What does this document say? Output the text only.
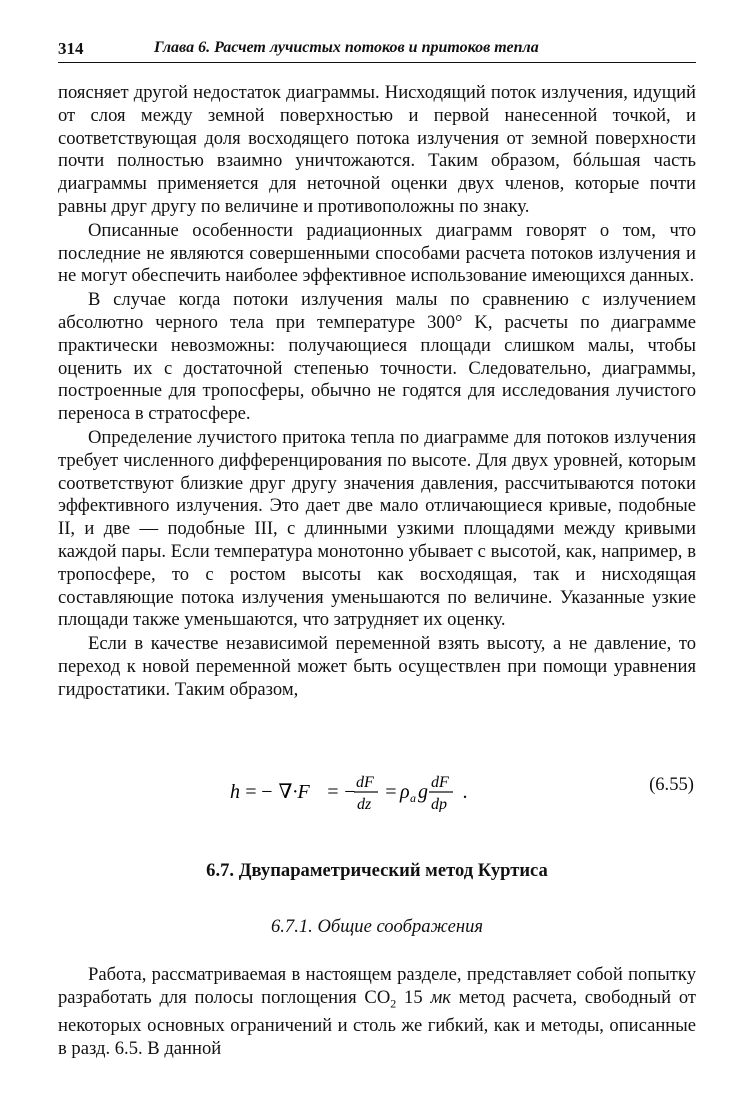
314	Глава 6. Расчет лучистых потоков и притоков тепла

поясняет другой недостаток диаграммы. Нисходящий поток излучения, идущий от слоя между земной поверхностью и первой нанесенной точкой, и соответствующая доля восходящего потока излучения от земной поверхности почти полностью взаимно уничтожаются. Таким образом, бóльшая часть диаграммы применяется для неточной оценки двух членов, которые почти равны друг другу по величине и противоположны по знаку.

Описанные особенности радиационных диаграмм говорят о том, что последние не являются совершенными способами расчета потоков излучения и не могут обеспечить наиболее эффективное использование имеющихся данных.

В случае когда потоки излучения малы по сравнению с излучением абсолютно черного тела при температуре 300° K, расчеты по диаграмме практически невозможны: получающиеся площади слишком малы, чтобы оценить их с достаточной степенью точности. Следовательно, диаграммы, построенные для тропосферы, обычно не годятся для исследования лучистого переноса в стратосфере.

Определение лучистого притока тепла по диаграмме для потоков излучения требует численного дифференцирования по высоте. Для двух уровней, которым соответствуют близкие друг другу значения давления, рассчитываются потоки эффективного излучения. Это дает две мало отличающиеся кривые, подобные II, и две — подобные III, с длинными узкими площадями между кривыми каждой пары. Если температура монотонно убывает с высотой, как, например, в тропосфере, то с ростом высоты как восходящая, так и нисходящая составляющие потока излучения уменьшаются по величине. Указанные узкие площади также уменьшаются, что затрудняет их оценку.

Если в качестве независимой переменной взять высоту, а не давление, то переход к новой переменной может быть осуществлен при помощи уравнения гидростатики. Таким образом,

h = − ∇·F = − dF
dz
= ρ a g dF
dp
.	(6.55)
6.7. Двупараметрический метод Куртиса
6.7.1. Общие соображения

Работа, рассматриваемая в настоящем разделе, представляет собой попытку разработать для полосы поглощения $CO_2$ 15 мк метод расчета, свободный от некоторых основных ограничений и столь же гибкий, как и методы, описанные в разд. 6.5. В данной
